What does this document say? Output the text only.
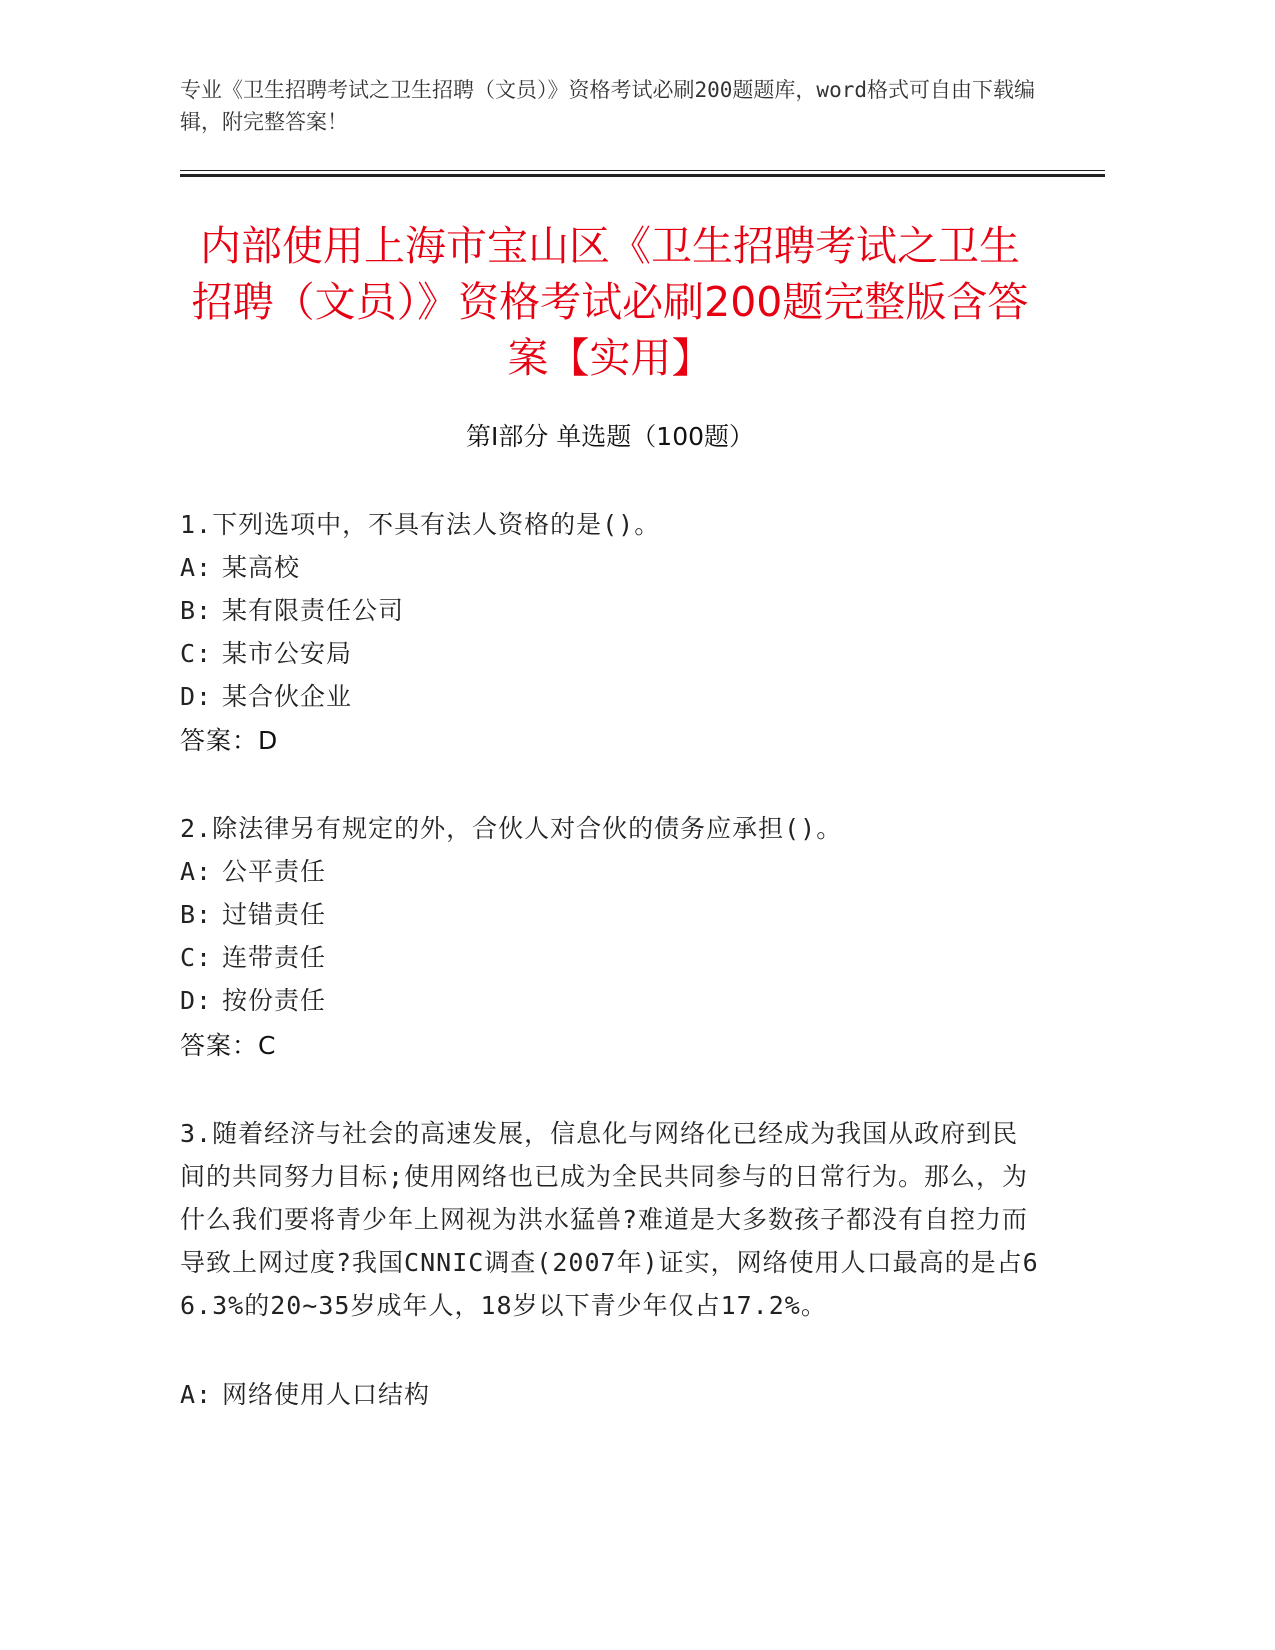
专业《卫生招聘考试之卫生招聘（文员）》资格考试必刷200题题库，word格式可自由下载编辑，附完整答案！
内部使用上海市宝山区《卫生招聘考试之卫生招聘（文员）》资格考试必刷200题完整版含答案【实用】
第Ⅰ部分 单选题（100题）
1.下列选项中，不具有法人资格的是()。
A: 某高校
B: 某有限责任公司
C: 某市公安局
D: 某合伙企业
答案：D
2.除法律另有规定的外，合伙人对合伙的债务应承担()。
A: 公平责任
B: 过错责任
C: 连带责任
D: 按份责任
答案：C
3.随着经济与社会的高速发展，信息化与网络化已经成为我国从政府到民间的共同努力目标;使用网络也已成为全民共同参与的日常行为。那么，为什么我们要将青少年上网视为洪水猛兽?难道是大多数孩子都没有自控力而导致上网过度?我国CNNIC调查(2007年)证实，网络使用人口最高的是占66.3%的20~35岁成年人，18岁以下青少年仅占17.2%。
A: 网络使用人口结构
